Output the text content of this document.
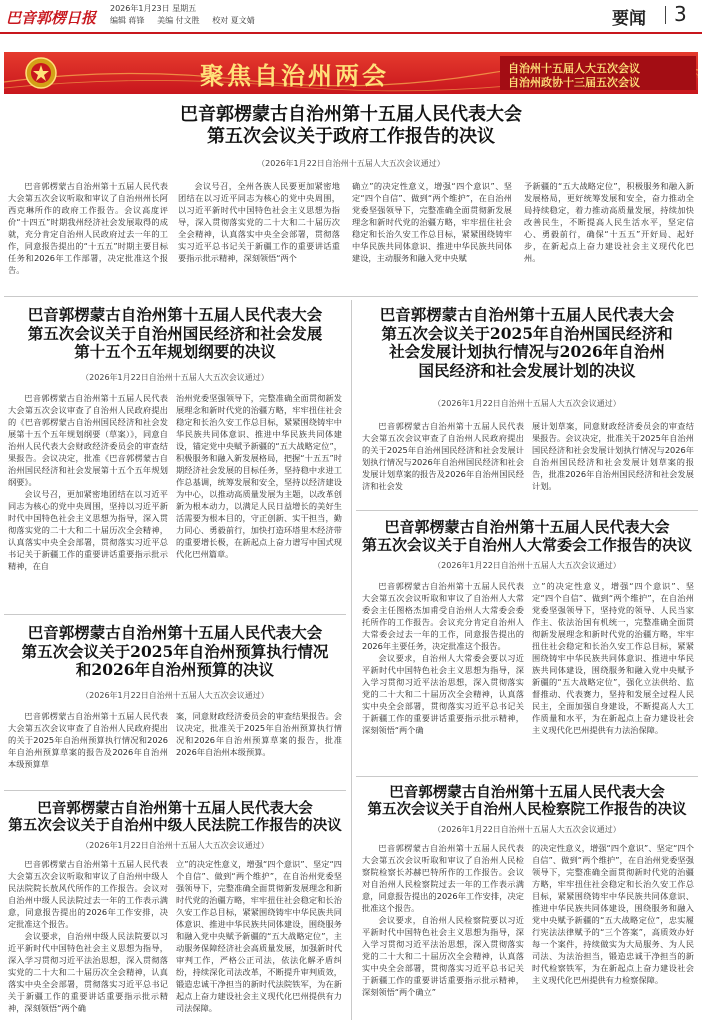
巴音郭楞日报
2026年1月23日 星期五
编辑 蒋锋 美编 付文胜 校对 夏文婧	要闻 3
聚焦自治州两会	自治州十五届人大五次会议
自治州政协十三届五次会议
巴音郭楞蒙古自治州第十五届人民代表大会
第五次会议关于政府工作报告的决议
（2026年1月22日自治州十五届人大五次会议通过）

巴音郭楞蒙古自治州第十五届人民代表大会第五次会议听取和审议了自治州州长阿西克琳所作的政府工作报告。会议高度评价“十四五”时期我州经济社会发展取得的成就，充分肯定自治州人民政府过去一年的工作，同意报告提出的“十五五”时期主要目标任务和2026年工作部署，决定批准这个报告。

会议号召，全州各族人民要更加紧密地团结在以习近平同志为核心的党中央周围，以习近平新时代中国特色社会主义思想为指导，深入贯彻落实党的二十大和二十届历次全会精神，认真落实中央全会部署，贯彻落实习近平总书记关于新疆工作的重要讲话重要指示批示精神，深刻领悟“两个

确立”的决定性意义，增强“四个意识”、坚定“四个自信”、做到“两个维护”，在自治州党委坚强领导下，完整准确全面贯彻新发展理念和新时代党的治疆方略，牢牢扭住社会稳定和长治久安工作总目标，紧紧围绕铸牢中华民族共同体意识、推进中华民族共同体建设，主动服务和融入党中央赋

予新疆的“五大战略定位”，积极服务和融入新发展格局，更好统筹发展和安全，奋力推动全局持续稳定，着力推动高质量发展，持续加快改善民生，不断提高人民生活水平，坚定信心、勇毅前行，确保“十五五”开好局、起好步，在新起点上奋力建设社会主义现代化巴州。

巴音郭楞蒙古自治州第十五届人民代表大会
第五次会议关于自治州国民经济和社会发展
第十五个五年规划纲要的决议
（2026年1月22日自治州十五届人大五次会议通过）

巴音郭楞蒙古自治州第十五届人民代表大会第五次会议审查了自治州人民政府提出的《巴音郭楞蒙古自治州国民经济和社会发展第十五个五年规划纲要（草案）》，同意自治州人民代表大会财政经济委员会的审查结果报告。会议决定，批准《巴音郭楞蒙古自治州国民经济和社会发展第十五个五年规划纲要》。

会议号召，更加紧密地团结在以习近平同志为核心的党中央周围，坚持以习近平新时代中国特色社会主义思想为指导，深入贯彻落实党的二十大和二十届历次全会精神，认真落实中央全会部署，贯彻落实习近平总书记关于新疆工作的重要讲话重要指示批示精神，在自

治州党委坚强领导下，完整准确全面贯彻新发展理念和新时代党的治疆方略，牢牢扭住社会稳定和长治久安工作总目标，紧紧围绕铸牢中华民族共同体意识、推进中华民族共同体建设，锚定党中央赋予新疆的“五大战略定位”，积极服务和融入新发展格局，把握“十五五”时期经济社会发展的目标任务，坚持稳中求进工作总基调，统筹发展和安全，坚持以经济建设为中心，以推动高质量发展为主题，以改革创新为根本动力，以满足人民日益增长的美好生活需要为根本目的，守正创新、实干担当，勤力同心、勇毅前行，加快打造环塔里木经济带的重要增长极，在新起点上奋力谱写中国式现代化巴州篇章。

巴音郭楞蒙古自治州第十五届人民代表大会
第五次会议关于2025年自治州国民经济和
社会发展计划执行情况与2026年自治州
国民经济和社会发展计划的决议
（2026年1月22日自治州十五届人大五次会议通过）

巴音郭楞蒙古自治州第十五届人民代表大会第五次会议审查了自治州人民政府提出的关于2025年自治州国民经济和社会发展计划执行情况与2026年自治州国民经济和社会发展计划草案的报告及2026年自治州国民经济和社会发

展计划草案，同意财政经济委员会的审查结果报告。会议决定，批准关于2025年自治州国民经济和社会发展计划执行情况与2026年自治州国民经济和社会发展计划草案的报告，批准2026年自治州国民经济和社会发展计划。

巴音郭楞蒙古自治州第十五届人民代表大会
第五次会议关于自治州人大常委会工作报告的决议
（2026年1月22日自治州十五届人大五次会议通过）

巴音郭楞蒙古自治州第十五届人民代表大会第五次会议听取和审议了自治州人大常委会主任图格杰加甫受自治州人大常委会委托所作的工作报告。会议充分肯定自治州人大常委会过去一年的工作，同意报告提出的2026年主要任务，决定批准这个报告。

会议要求，自治州人大常委会要以习近平新时代中国特色社会主义思想为指导，深入学习贯彻习近平法治思想，深入贯彻落实党的二十大和二十届历次全会精神，认真落实中央全会部署，贯彻落实习近平总书记关于新疆工作的重要讲话重要指示批示精神，深刻领悟“两个确

立”的决定性意义，增强“四个意识”、坚定“四个自信”、做到“两个维护”，在自治州党委坚强领导下，坚持党的领导、人民当家作主、依法治国有机统一，完整准确全面贯彻新发展理念和新时代党的治疆方略，牢牢扭住社会稳定和长治久安工作总目标，紧紧围绕铸牢中华民族共同体意识、推进中华民族共同体建设，围绕服务和融入党中央赋予新疆的“五大战略定位”，强化立法供给、监督推动、代表赛力，坚持和发展全过程人民民主，全面加强自身建设，不断提高人大工作质量和水平，为在新起点上奋力建设社会主义现代化巴州提供有力法治保障。

巴音郭楞蒙古自治州第十五届人民代表大会
第五次会议关于2025年自治州预算执行情况
和2026年自治州预算的决议
（2026年1月22日自治州十五届人大五次会议通过）

巴音郭楞蒙古自治州第十五届人民代表大会第五次会议审查了自治州人民政府提出的关于2025年自治州预算执行情况和2026年自治州预算草案的报告及2026年自治州本级预算草

案，同意财政经济委员会的审查结果报告。会议决定，批准关于2025年自治州预算执行情况和2026年自治州预算草案的报告，批准2026年自治州本级预算。

巴音郭楞蒙古自治州第十五届人民代表大会
第五次会议关于自治州中级人民法院工作报告的决议
（2026年1月22日自治州十五届人大五次会议通过）

巴音郭楞蒙古自治州第十五届人民代表大会第五次会议听取和审议了自治州中级人民法院院长敖风代所作的工作报告。会议对自治州中级人民法院过去一年的工作表示满意，同意报告提出的2026年工作安排，决定批准这个报告。

会议要求，自治州中级人民法院要以习近平新时代中国特色社会主义思想为指导，深入学习贯彻习近平法治思想，深入贯彻落实党的二十大和二十届历次全会精神，认真落实中央全会部署，贯彻落实习近平总书记关于新疆工作的重要讲话重要指示批示精神，深刻领悟“两个确

立”的决定性意义，增强“四个意识”、坚定“四个自信”、做到“两个维护”，在自治州党委坚强领导下，完整准确全面贯彻新发展理念和新时代党的治疆方略，牢牢扭住社会稳定和长治久安工作总目标，紧紧围绕铸牢中华民族共同体意识、推进中华民族共同体建设，围绕服务和融入党中央赋予新疆的“五大战略定位”，主动服务保障经济社会高质量发展，加强新时代审判工作，严格公正司法，依法化解矛盾纠纷，持续深化司法改革，不断提升审判质效，锻造忠诚干净担当的新时代法院铁军，为在新起点上奋力建设社会主义现代化巴州提供有力司法保障。

巴音郭楞蒙古自治州第十五届人民代表大会
第五次会议关于自治州人民检察院工作报告的决议
（2026年1月22日自治州十五届人大五次会议通过）

巴音郭楞蒙古自治州第十五届人民代表大会第五次会议听取和审议了自治州人民检察院检察长苏赫巴特所作的工作报告。会议对自治州人民检察院过去一年的工作表示满意，同意报告提出的2026年工作安排，决定批准这个报告。

会议要求，自治州人民检察院要以习近平新时代中国特色社会主义思想为指导，深入学习贯彻习近平法治思想，深入贯彻落实党的二十大和二十届历次全会精神，认真落实中央全会部署，贯彻落实习近平总书记关于新疆工作的重要讲话重要指示批示精神，深刻领悟“两个确立”

的决定性意义，增强“四个意识”、坚定“四个自信”、做到“两个维护”，在自治州党委坚强领导下，完整准确全面贯彻新时代党的治疆方略，牢牢扭住社会稳定和长治久安工作总目标，紧紧围绕铸牢中华民族共同体意识、推进中华民族共同体建设，围绕服务和融入党中央赋予新疆的“五大战略定位”，忠实履行宪法法律赋予的“三个答案”，高质效办好每一个案件，持续做实为大局服务、为人民司法、为法治担当，锻造忠诚干净担当的新时代检察铁军，为在新起点上奋力建设社会主义现代化巴州提供有力检察保障。
